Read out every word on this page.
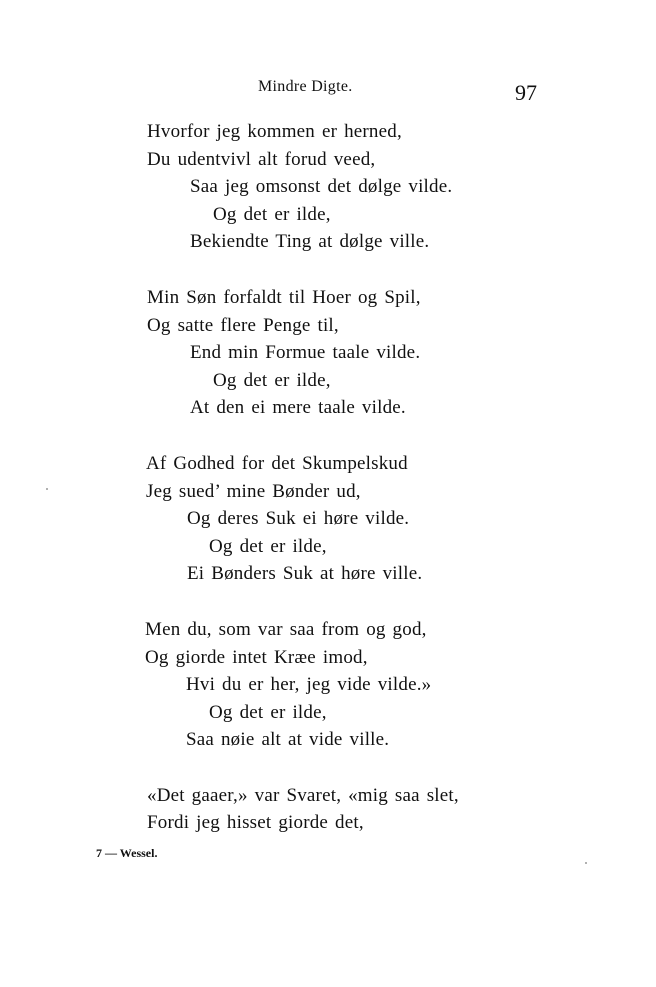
Mindre Digte.	97
Hvorfor jeg kommen er herned,
Du udentvivl alt forud veed,
Saa jeg omsonst det dølge vilde.
Og det er ilde,
Bekiendte Ting at dølge ville.
Min Søn forfaldt til Hoer og Spil,
Og satte flere Penge til,
End min Formue taale vilde.
Og det er ilde,
At den ei mere taale vilde.
Af Godhed for det Skumpelskud
Jeg sued’ mine Bønder ud,
Og deres Suk ei høre vilde.
Og det er ilde,
Ei Bønders Suk at høre ville.
Men du, som var saa from og god,
Og giorde intet Kræe imod,
Hvi du er her, jeg vide vilde.»
Og det er ilde,
Saa nøie alt at vide ville.
«Det gaaer,» var Svaret, «mig saa slet,
Fordi jeg hisset giorde det,
7 — Wessel.
